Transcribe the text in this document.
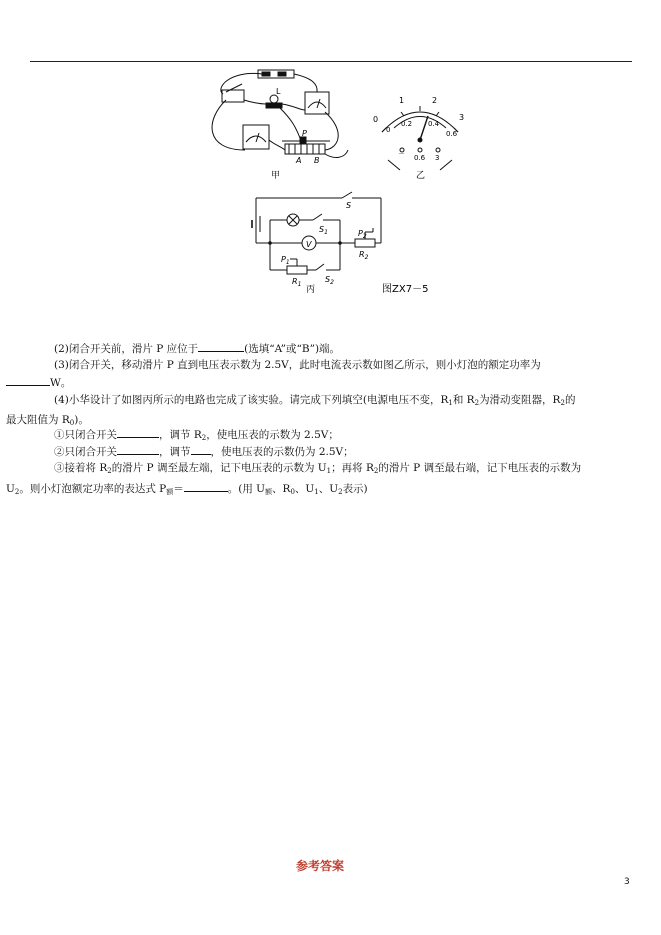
P
L
A B
甲
0
1	2
3
0
0.2 0.4
0.6
－ 0.6 3
乙
V
S
$S_1$
$S_2$
$P_2$
$R_2$
$P_1$
$R_1$
丙	图ZX7－5
(2)闭合开关前，滑片 P 应位于	(选填“A”或“B”)端。
(3)闭合开关，移动滑片 P 直到电压表示数为 2.5V，此时电流表示数如图乙所示，则小灯泡的额定功率为
W。
(4)小华设计了如图丙所示的电路也完成了该实验。请完成下列填空(电源电压不变，$R_1$和 $R_2$为滑动变阻器，$R_2$的
最大阻值为 $R_0$)。
①只闭合开关	，调节 $R_2$，使电压表的示数为 2.5V；
②只闭合开关	，调节 ，使电压表的示数仍为 2.5V；
③接着将 $R_2$的滑片 P 调至最左端，记下电压表的示数为 $U_1$；再将 $R_2$的滑片 P 调至最右端，记下电压表的示数为
$U_2$。则小灯泡额定功率的表达式 $P_额=$	。(用 $U_额$、$R_0$、$U_1$、$U_2$表示)
参考答案
3
